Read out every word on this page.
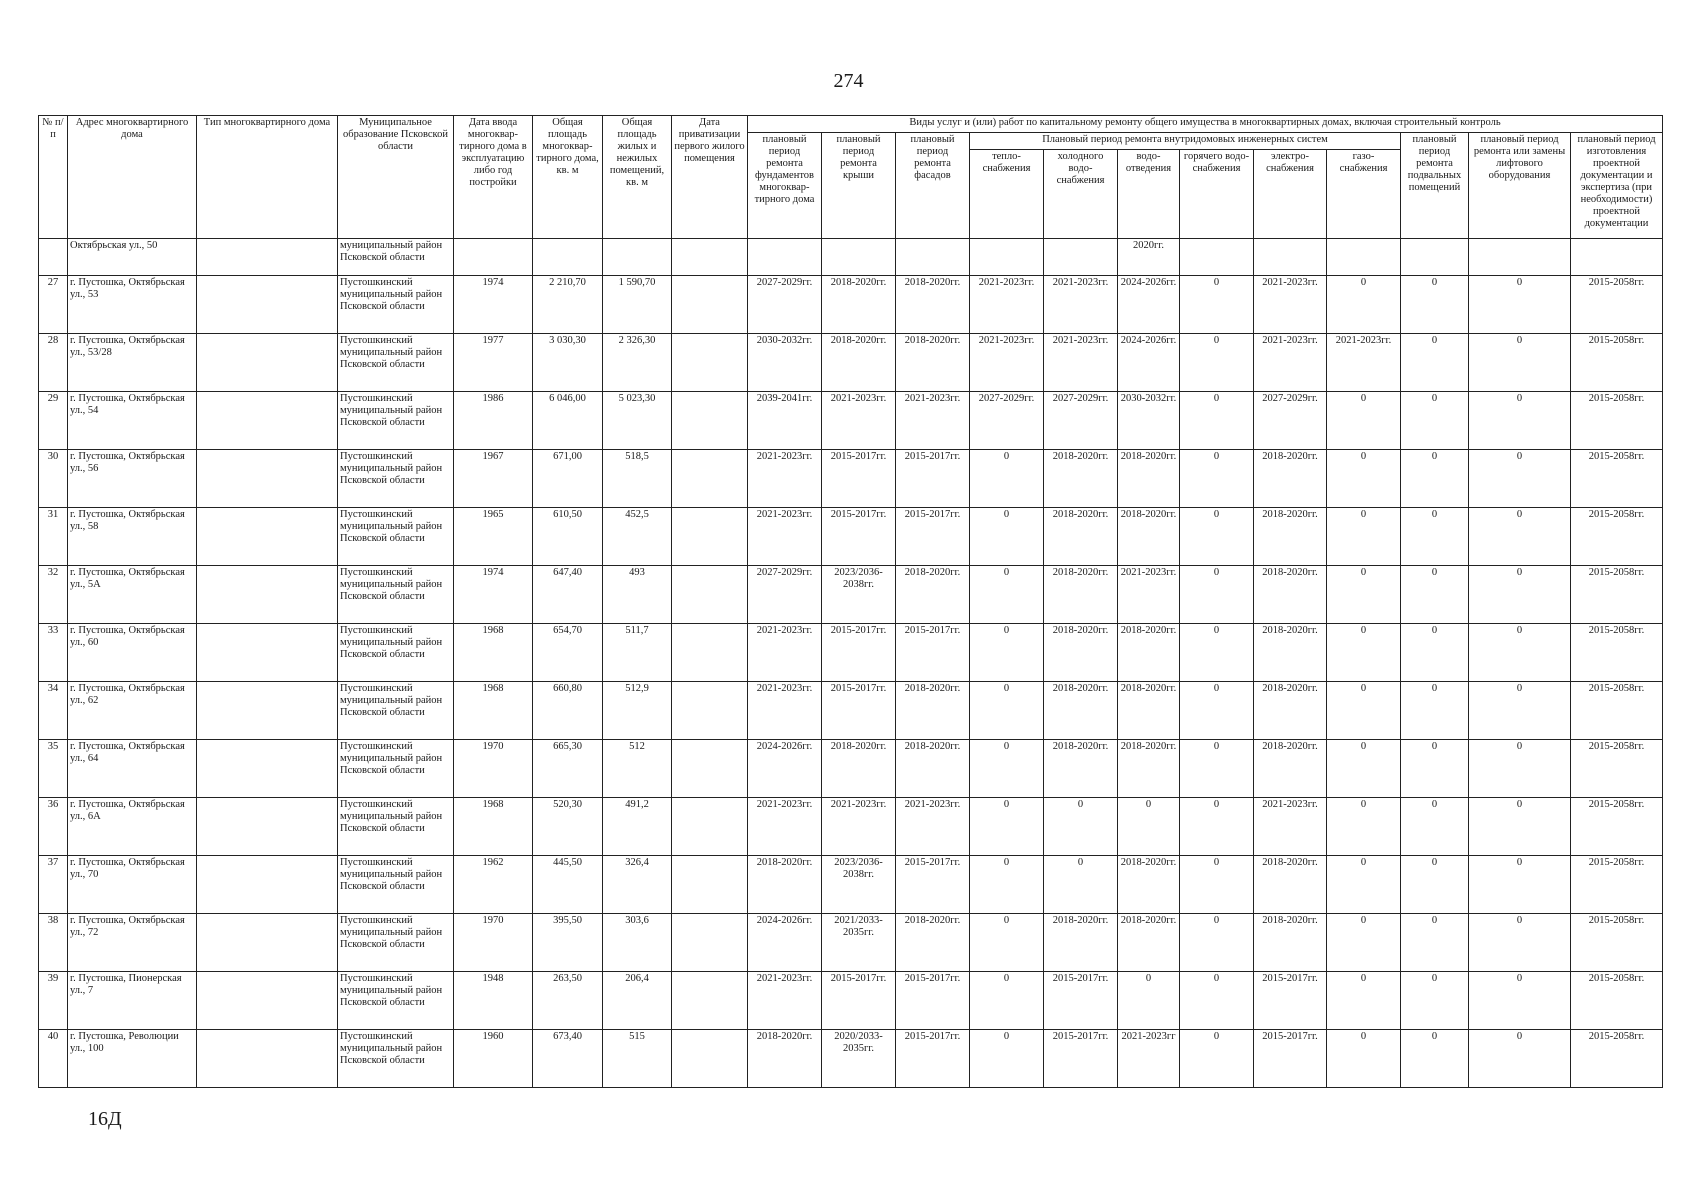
274
№ п/п	Адрес многоквартирного дома	Тип многоквартирного дома	Муниципальное образование Псковской области	Дата ввода многоквар-тирного дома в эксплуатацию либо год постройки	Общая площадь многоквар-тирного дома, кв. м	Общая площадь жилых и нежилых помещений, кв. м	Дата приватизации первого жилого помещения	Виды услуг и (или) работ по капитальному ремонту общего имущества в многоквартирных домах, включая строительный контроль											
								плановый период ремонта фундаментов многоквар-тирного дома	плановый период ремонта крыши	плановый период ремонта фасадов	Плановый период ремонта внутридомовых инженерных систем						плановый период ремонта подвальных помещений	плановый период ремонта или замены лифтового оборудования	плановый период изготовления проектной документации и экспертиза (при необходимости) проектной документации
											тепло-снабжения	холодного водо-снабжения	водо-отведения	горячего водо-снабжения	электро-снабжения	газо-снабжения			
	Октябрьская ул., 50		муниципальный район Псковской области										2020гг.						
27	г. Пустошка, Октябрьская ул., 53		Пустошкинский муниципальный район Псковской области	1974	2 210,70	1 590,70		2027-2029гг.	2018-2020гг.	2018-2020гг.	2021-2023гг.	2021-2023гг.	2024-2026гг.	0	2021-2023гг.	0	0	0	2015-2058гг.
28	г. Пустошка, Октябрьская ул., 53/28		Пустошкинский муниципальный район Псковской области	1977	3 030,30	2 326,30		2030-2032гг.	2018-2020гг.	2018-2020гг.	2021-2023гг.	2021-2023гг.	2024-2026гг.	0	2021-2023гг.	2021-2023гг.	0	0	2015-2058гг.
29	г. Пустошка, Октябрьская ул., 54		Пустошкинский муниципальный район Псковской области	1986	6 046,00	5 023,30		2039-2041гг.	2021-2023гг.	2021-2023гг.	2027-2029гг.	2027-2029гг.	2030-2032гг.	0	2027-2029гг.	0	0	0	2015-2058гг.
30	г. Пустошка, Октябрьская ул., 56		Пустошкинский муниципальный район Псковской области	1967	671,00	518,5		2021-2023гг.	2015-2017гг.	2015-2017гг.	0	2018-2020гг.	2018-2020гг.	0	2018-2020гг.	0	0	0	2015-2058гг.
31	г. Пустошка, Октябрьская ул., 58		Пустошкинский муниципальный район Псковской области	1965	610,50	452,5		2021-2023гг.	2015-2017гг.	2015-2017гг.	0	2018-2020гг.	2018-2020гг.	0	2018-2020гг.	0	0	0	2015-2058гг.
32	г. Пустошка, Октябрьская ул., 5А		Пустошкинский муниципальный район Псковской области	1974	647,40	493		2027-2029гг.	2023/2036-2038гг.	2018-2020гг.	0	2018-2020гг.	2021-2023гг.	0	2018-2020гг.	0	0	0	2015-2058гг.
33	г. Пустошка, Октябрьская ул., 60		Пустошкинский муниципальный район Псковской области	1968	654,70	511,7		2021-2023гг.	2015-2017гг.	2015-2017гг.	0	2018-2020гг.	2018-2020гг.	0	2018-2020гг.	0	0	0	2015-2058гг.
34	г. Пустошка, Октябрьская ул., 62		Пустошкинский муниципальный район Псковской области	1968	660,80	512,9		2021-2023гг.	2015-2017гг.	2018-2020гг.	0	2018-2020гг.	2018-2020гг.	0	2018-2020гг.	0	0	0	2015-2058гг.
35	г. Пустошка, Октябрьская ул., 64		Пустошкинский муниципальный район Псковской области	1970	665,30	512		2024-2026гг.	2018-2020гг.	2018-2020гг.	0	2018-2020гг.	2018-2020гг.	0	2018-2020гг.	0	0	0	2015-2058гг.
36	г. Пустошка, Октябрьская ул., 6А		Пустошкинский муниципальный район Псковской области	1968	520,30	491,2		2021-2023гг.	2021-2023гг.	2021-2023гг.	0	0	0	0	2021-2023гг.	0	0	0	2015-2058гг.
37	г. Пустошка, Октябрьская ул., 70		Пустошкинский муниципальный район Псковской области	1962	445,50	326,4		2018-2020гг.	2023/2036-2038гг.	2015-2017гг.	0	0	2018-2020гг.	0	2018-2020гг.	0	0	0	2015-2058гг.
38	г. Пустошка, Октябрьская ул., 72		Пустошкинский муниципальный район Псковской области	1970	395,50	303,6		2024-2026гг.	2021/2033-2035гг.	2018-2020гг.	0	2018-2020гг.	2018-2020гг.	0	2018-2020гг.	0	0	0	2015-2058гг.
39	г. Пустошка, Пионерская ул., 7		Пустошкинский муниципальный район Псковской области	1948	263,50	206,4		2021-2023гг.	2015-2017гг.	2015-2017гг.	0	2015-2017гг.	0	0	2015-2017гг.	0	0	0	2015-2058гг.
40	г. Пустошка, Революции ул., 100		Пустошкинский муниципальный район Псковской области	1960	673,40	515		2018-2020гг.	2020/2033-2035гг.	2015-2017гг.	0	2015-2017гг.	2021-2023гг	0	2015-2017гг.	0	0	0	2015-2058гг.
16Д
